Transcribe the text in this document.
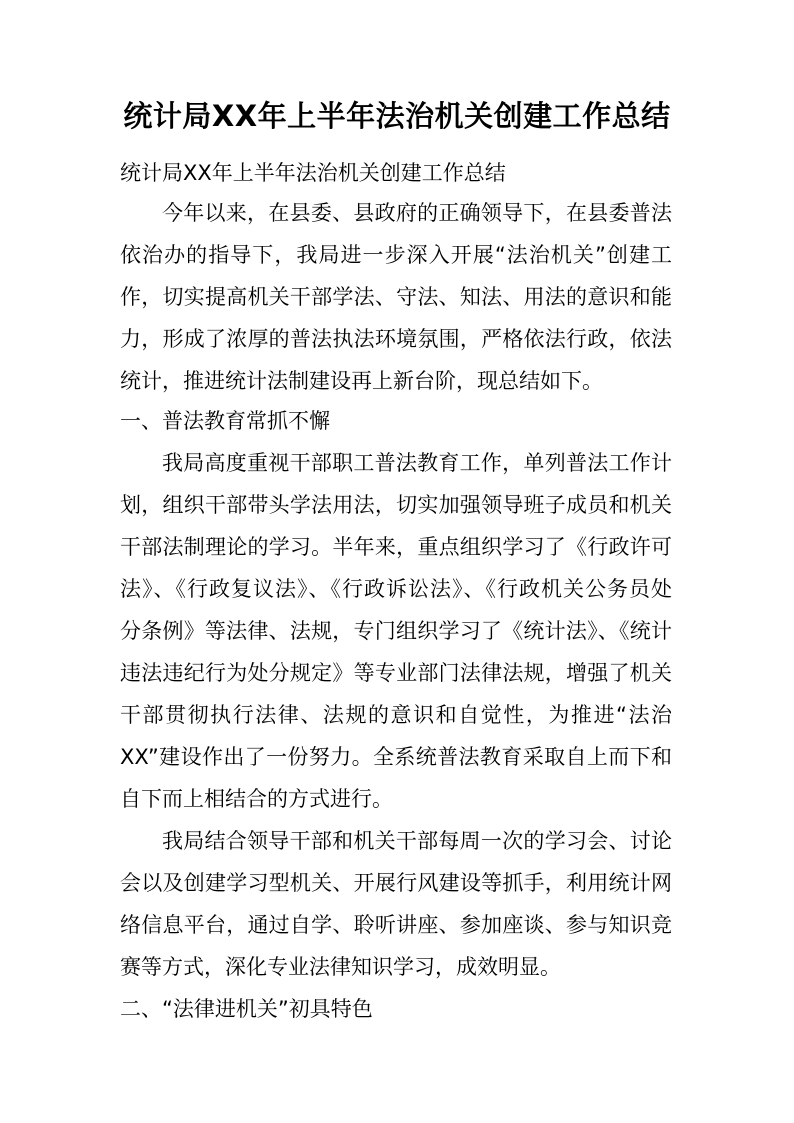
统计局XX年上半年法治机关创建工作总结
统计局XX年上半年法治机关创建工作总结
今年以来，在县委、县政府的正确领导下，在县委普法
依治办的指导下，我局进一步深入开展“法治机关”创建工
作，切实提高机关干部学法、守法、知法、用法的意识和能
力，形成了浓厚的普法执法环境氛围，严格依法行政，依法
统计，推进统计法制建设再上新台阶，现总结如下。
一、普法教育常抓不懈
我局高度重视干部职工普法教育工作，单列普法工作计
划，组织干部带头学法用法，切实加强领导班子成员和机关
干部法制理论的学习。半年来，重点组织学习了《行政许可
法》、《行政复议法》、《行政诉讼法》、《行政机关公务员处
分条例》等法律、法规，专门组织学习了《统计法》、《统计
违法违纪行为处分规定》等专业部门法律法规，增强了机关
干部贯彻执行法律、法规的意识和自觉性，为推进“法治
XX”建设作出了一份努力。全系统普法教育采取自上而下和
自下而上相结合的方式进行。
我局结合领导干部和机关干部每周一次的学习会、讨论
会以及创建学习型机关、开展行风建设等抓手，利用统计网
络信息平台，通过自学、聆听讲座、参加座谈、参与知识竞
赛等方式，深化专业法律知识学习，成效明显。
二、“法律进机关”初具特色
